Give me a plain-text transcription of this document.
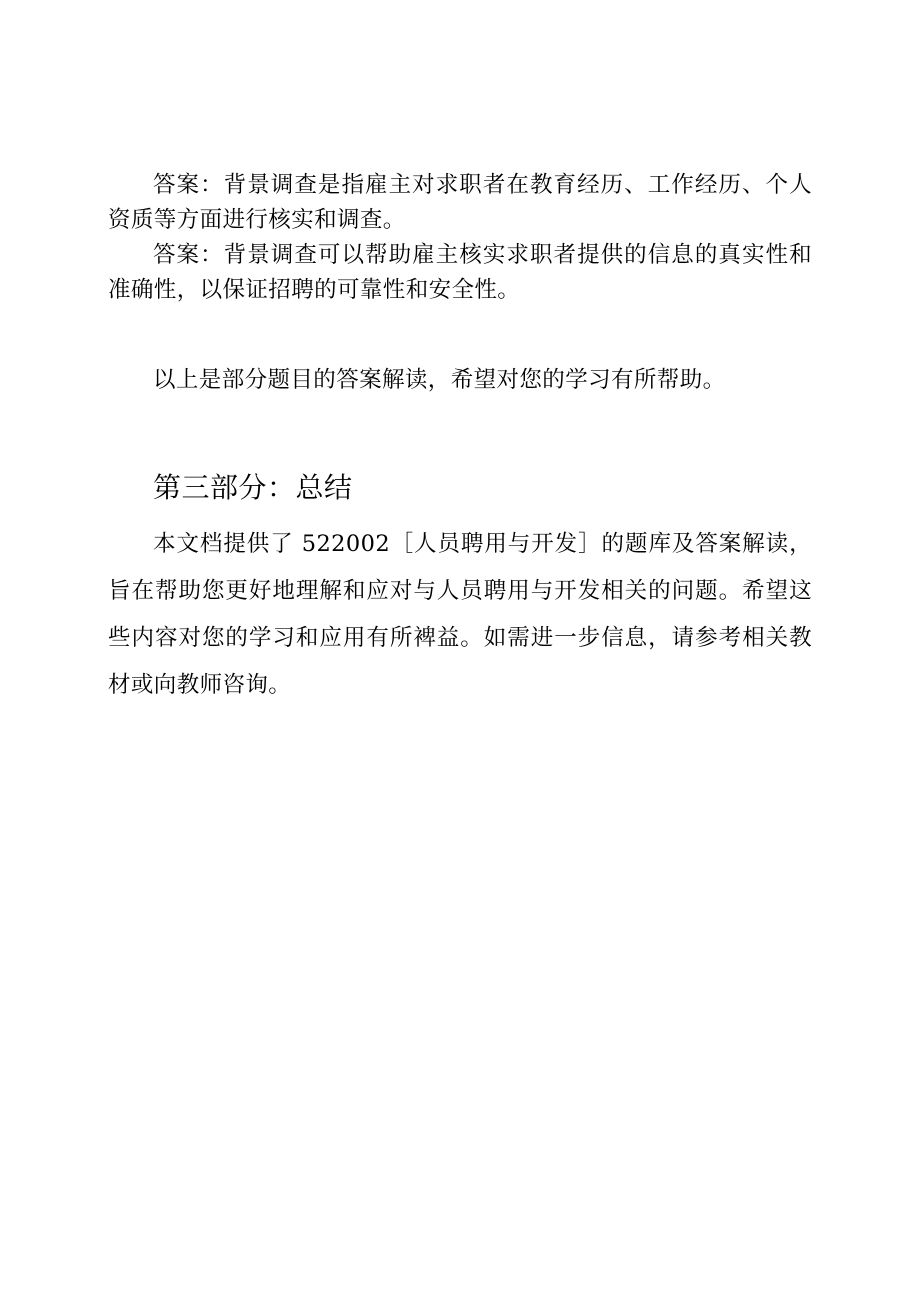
答案：背景调查是指雇主对求职者在教育经历、工作经历、个人资质等方面进行核实和调查。

答案：背景调查可以帮助雇主核实求职者提供的信息的真实性和准确性，以保证招聘的可靠性和安全性。

以上是部分题目的答案解读，希望对您的学习有所帮助。

第三部分：总结

本文档提供了 522002［人员聘用与开发］的题库及答案解读，旨在帮助您更好地理解和应对与人员聘用与开发相关的问题。希望这些内容对您的学习和应用有所裨益。如需进一步信息，请参考相关教材或向教师咨询。
